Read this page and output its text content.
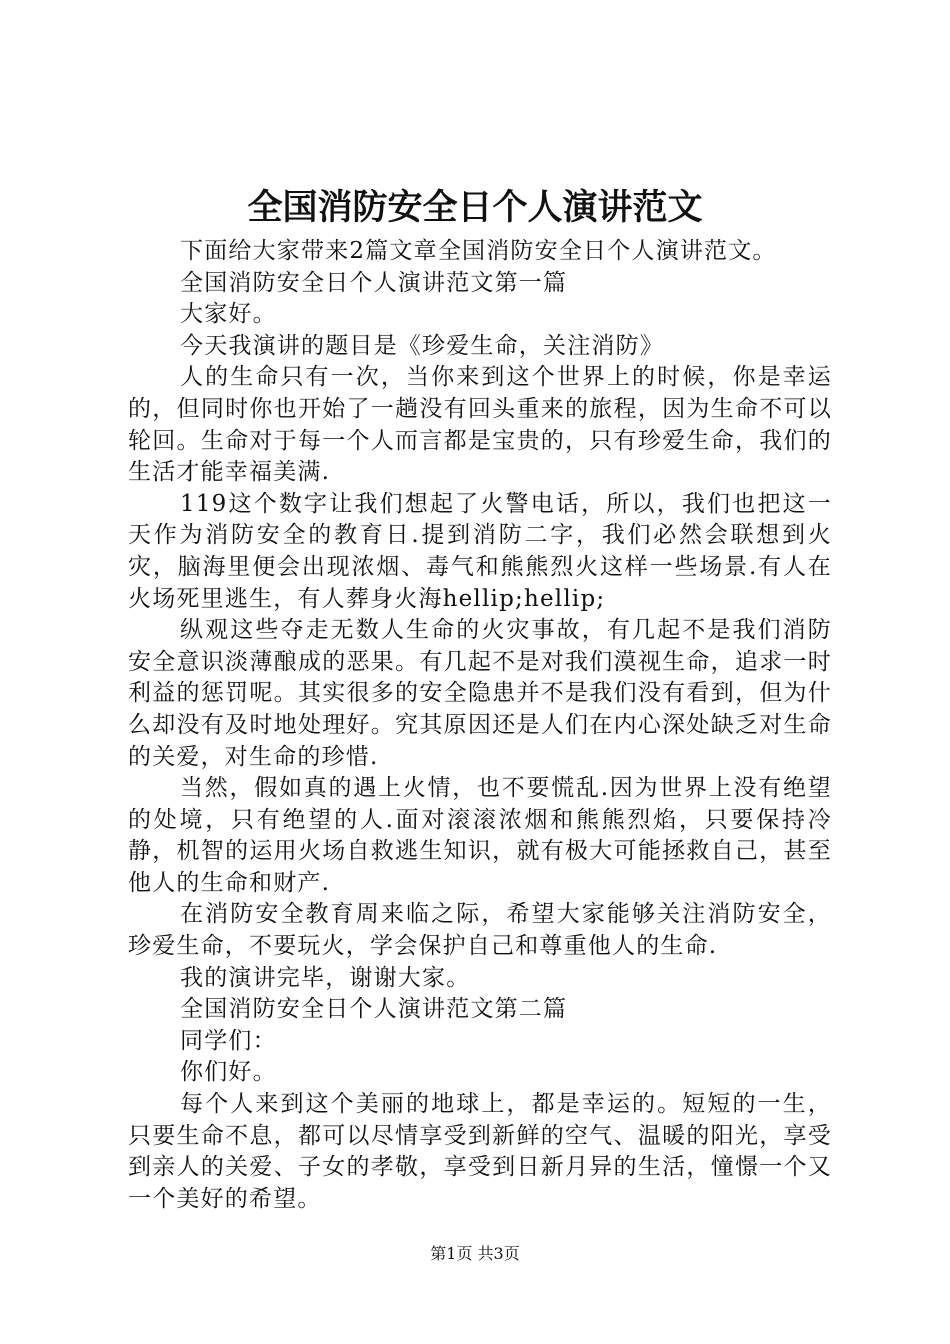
全国消防安全日个人演讲范文

下面给大家带来2篇文章全国消防安全日个人演讲范文。

全国消防安全日个人演讲范文第一篇

大家好。

今天我演讲的题目是《珍爱生命，关注消防》

人的生命只有一次，当你来到这个世界上的时候，你是幸运的，但同时你也开始了一趟没有回头重来的旅程，因为生命不可以轮回。生命对于每一个人而言都是宝贵的，只有珍爱生命，我们的生活才能幸福美满.

119这个数字让我们想起了火警电话，所以，我们也把这一天作为消防安全的教育日.提到消防二字，我们必然会联想到火灾，脑海里便会出现浓烟、毒气和熊熊烈火这样一些场景.有人在火场死里逃生，有人葬身火海hellip;hellip;

纵观这些夺走无数人生命的火灾事故，有几起不是我们消防安全意识淡薄酿成的恶果。有几起不是对我们漠视生命，追求一时利益的惩罚呢。其实很多的安全隐患并不是我们没有看到，但为什么却没有及时地处理好。究其原因还是人们在内心深处缺乏对生命的关爱，对生命的珍惜.

当然，假如真的遇上火情，也不要慌乱.因为世界上没有绝望的处境，只有绝望的人.面对滚滚浓烟和熊熊烈焰，只要保持冷静，机智的运用火场自救逃生知识，就有极大可能拯救自己，甚至他人的生命和财产.

在消防安全教育周来临之际，希望大家能够关注消防安全，珍爱生命，不要玩火，学会保护自己和尊重他人的生命.

我的演讲完毕，谢谢大家。

全国消防安全日个人演讲范文第二篇

同学们：

你们好。

每个人来到这个美丽的地球上，都是幸运的。短短的一生，只要生命不息，都可以尽情享受到新鲜的空气、温暖的阳光，享受到亲人的关爱、子女的孝敬，享受到日新月异的生活，憧憬一个又一个美好的希望。

第1页 共3页
